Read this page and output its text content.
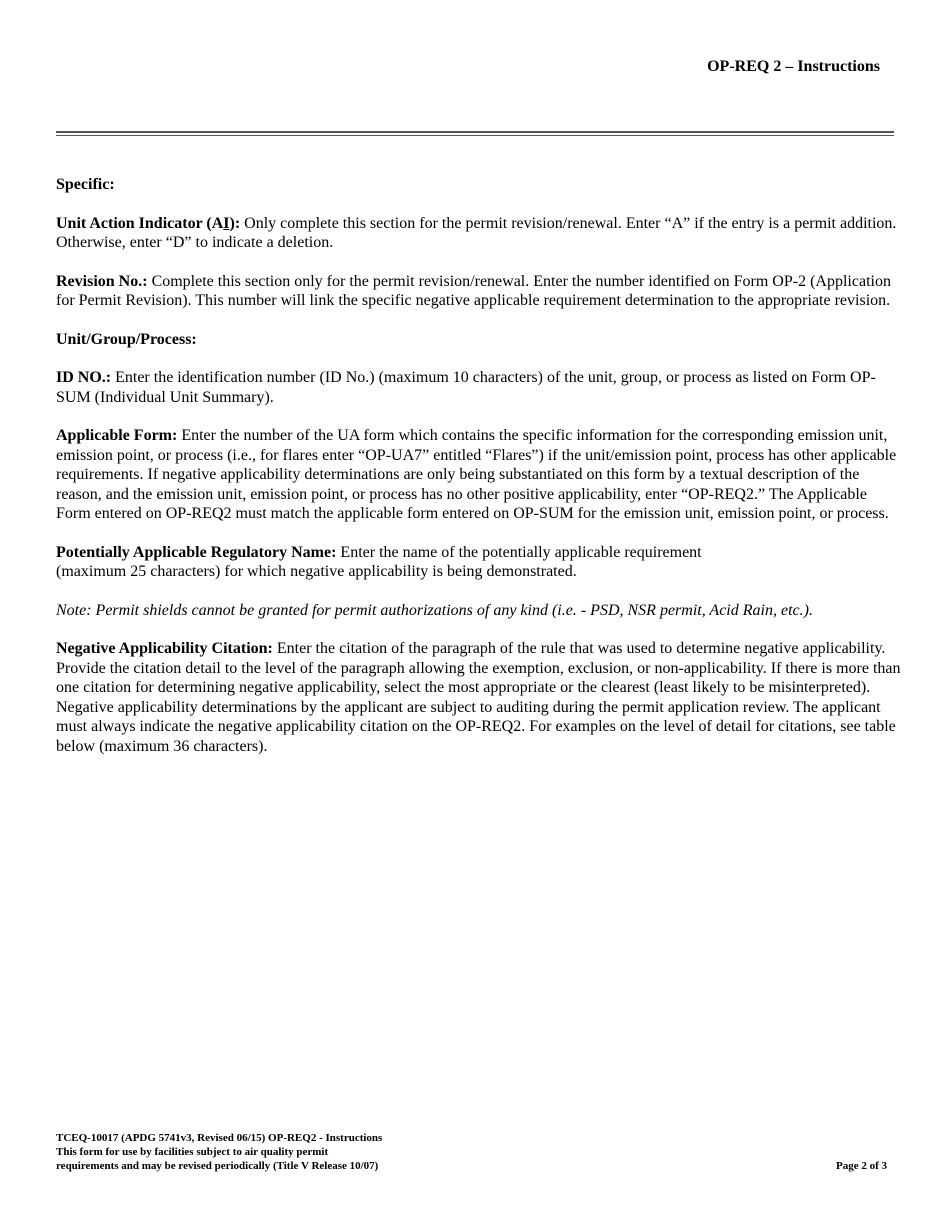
OP-REQ 2 – Instructions
Specific:

Unit Action Indicator (AI): Only complete this section for the permit revision/renewal. Enter “A” if the entry is a permit addition. Otherwise, enter “D” to indicate a deletion.

Revision No.: Complete this section only for the permit revision/renewal. Enter the number identified on Form OP-2 (Application for Permit Revision). This number will link the specific negative applicable requirement determination to the appropriate revision.

Unit/Group/Process:

ID NO.: Enter the identification number (ID No.) (maximum 10 characters) of the unit, group, or process as listed on Form OP-SUM (Individual Unit Summary).

Applicable Form: Enter the number of the UA form which contains the specific information for the corresponding emission unit, emission point, or process (i.e., for flares enter “OP-UA7” entitled “Flares”) if the unit/emission point, process has other applicable requirements. If negative applicability determinations are only being substantiated on this form by a textual description of the reason, and the emission unit, emission point, or process has no other positive applicability, enter “OP-REQ2.” The Applicable Form entered on OP-REQ2 must match the applicable form entered on OP-SUM for the emission unit, emission point, or process.

Potentially Applicable Regulatory Name: Enter the name of the potentially applicable requirement
(maximum 25 characters) for which negative applicability is being demonstrated.

Note: Permit shields cannot be granted for permit authorizations of any kind (i.e. - PSD, NSR permit, Acid Rain, etc.).

Negative Applicability Citation: Enter the citation of the paragraph of the rule that was used to determine negative applicability. Provide the citation detail to the level of the paragraph allowing the exemption, exclusion, or non-applicability. If there is more than one citation for determining negative applicability, select the most appropriate or the clearest (least likely to be misinterpreted). Negative applicability determinations by the applicant are subject to auditing during the permit application review. The applicant must always indicate the negative applicability citation on the OP-REQ2. For examples on the level of detail for citations, see table below (maximum 36 characters).

TCEQ-10017 (APDG 5741v3, Revised 06/15) OP-REQ2 - Instructions
This form for use by facilities subject to air quality permit
requirements and may be revised periodically (Title V Release 10/07)	Page 2 of 3
